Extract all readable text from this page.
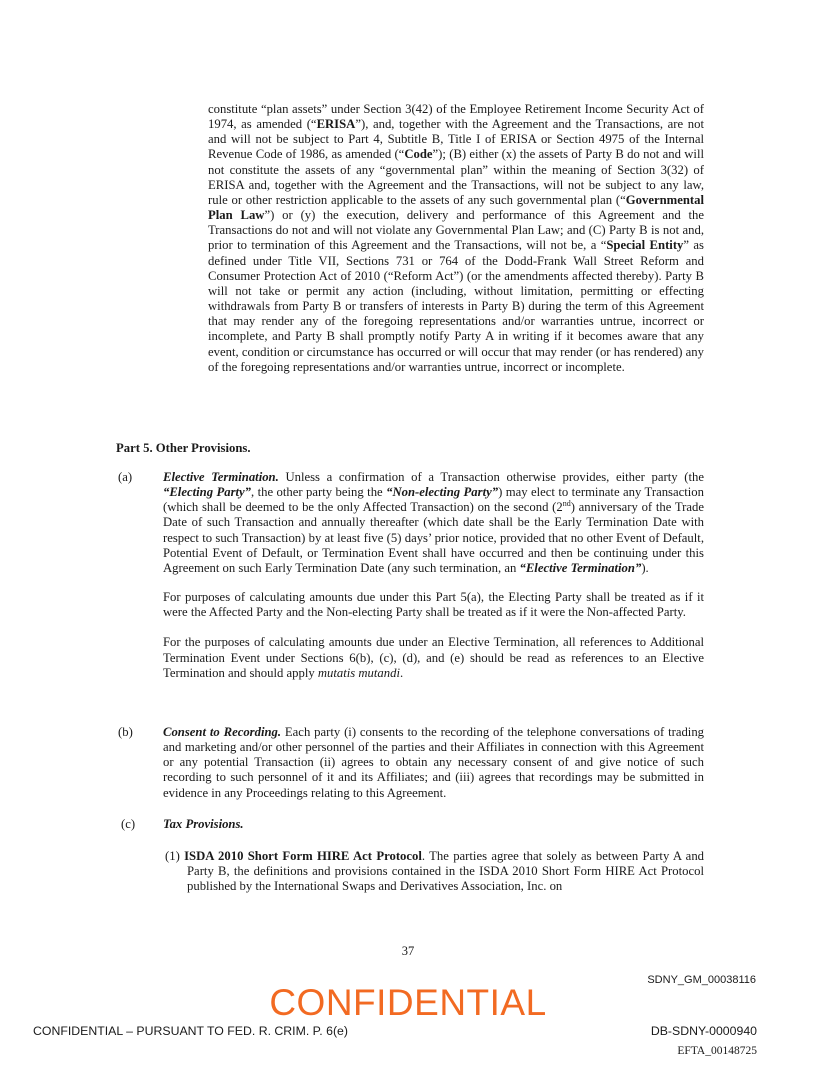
constitute “plan assets” under Section 3(42) of the Employee Retirement Income Security Act of 1974, as amended (“ERISA”), and, together with the Agreement and the Transactions, are not and will not be subject to Part 4, Subtitle B, Title I of ERISA or Section 4975 of the Internal Revenue Code of 1986, as amended (“Code”); (B) either (x) the assets of Party B do not and will not constitute the assets of any “governmental plan” within the meaning of Section 3(32) of ERISA and, together with the Agreement and the Transactions, will not be subject to any law, rule or other restriction applicable to the assets of any such governmental plan (“Governmental Plan Law”) or (y) the execution, delivery and performance of this Agreement and the Transactions do not and will not violate any Governmental Plan Law; and (C) Party B is not and, prior to termination of this Agreement and the Transactions, will not be, a “Special Entity” as defined under Title VII, Sections 731 or 764 of the Dodd-Frank Wall Street Reform and Consumer Protection Act of 2010 (“Reform Act”) (or the amendments affected thereby). Party B will not take or permit any action (including, without limitation, permitting or effecting withdrawals from Party B or transfers of interests in Party B) during the term of this Agreement that may render any of the foregoing representations and/or warranties untrue, incorrect or incomplete, and Party B shall promptly notify Party A in writing if it becomes aware that any event, condition or circumstance has occurred or will occur that may render (or has rendered) any of the foregoing representations and/or warranties untrue, incorrect or incomplete.
Part 5. Other Provisions.
(a) Elective Termination. Unless a confirmation of a Transaction otherwise provides, either party (the “Electing Party”, the other party being the “Non-electing Party”) may elect to terminate any Transaction (which shall be deemed to be the only Affected Transaction) on the second (2nd) anniversary of the Trade Date of such Transaction and annually thereafter (which date shall be the Early Termination Date with respect to such Transaction) by at least five (5) days’ prior notice, provided that no other Event of Default, Potential Event of Default, or Termination Event shall have occurred and then be continuing under this Agreement on such Early Termination Date (any such termination, an “Elective Termination”).

For purposes of calculating amounts due under this Part 5(a), the Electing Party shall be treated as if it were the Affected Party and the Non-electing Party shall be treated as if it were the Non-affected Party.

For the purposes of calculating amounts due under an Elective Termination, all references to Additional Termination Event under Sections 6(b), (c), (d), and (e) should be read as references to an Elective Termination and should apply mutatis mutandi.

(b) Consent to Recording. Each party (i) consents to the recording of the telephone conversations of trading and marketing and/or other personnel of the parties and their Affiliates in connection with this Agreement or any potential Transaction (ii) agrees to obtain any necessary consent of and give notice of such recording to such personnel of it and its Affiliates; and (iii) agrees that recordings may be submitted in evidence in any Proceedings relating to this Agreement.

(c) Tax Provisions.
(1) ISDA 2010 Short Form HIRE Act Protocol. The parties agree that solely as between Party A and Party B, the definitions and provisions contained in the ISDA 2010 Short Form HIRE Act Protocol published by the International Swaps and Derivatives Association, Inc. on
37
SDNY_GM_00038116
CONFIDENTIAL
CONFIDENTIAL – PURSUANT TO FED. R. CRIM. P. 6(e)	DB-SDNY-0000940
EFTA_00148725
